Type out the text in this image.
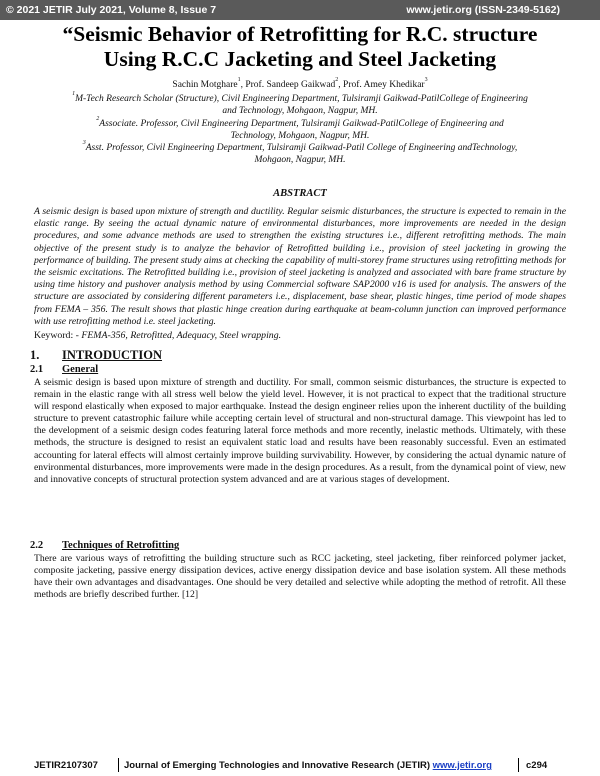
© 2021 JETIR July 2021, Volume 8, Issue 7	www.jetir.org (ISSN-2349-5162)
“Seismic Behavior of Retrofitting for R.C. structure
Using R.C.C Jacketing and Steel Jacketing
Sachin Motghare$^1$, Prof. Sandeep Gaikwad$^2$, Prof. Amey Khedikar$^3$
$^1$M-Tech Research Scholar (Structure), Civil Engineering Department, Tulsiramji Gaikwad-PatilCollege of Engineering
and Technology, Mohgaon, Nagpur, MH.
$^2$Associate. Professor, Civil Engineering Department, Tulsiramji Gaikwad-PatilCollege of Engineering and
Technology, Mohgaon, Nagpur, MH.
$^3$Asst. Professor, Civil Engineering Department, Tulsiramji Gaikwad-Patil College of Engineering andTechnology,
Mohgaon, Nagpur, MH.
ABSTRACT
A seismic design is based upon mixture of strength and ductility. Regular seismic disturbances, the structure is expected to remain in the elastic range. By seeing the actual dynamic nature of environmental disturbances, more improvements are needed in the design procedures, and some advance methods are used to strengthen the existing structures i.e., different retrofitting methods. The main objective of the present study is to analyze the behavior of Retrofitted building i.e., provision of steel jacketing in growing the performance of building. The present study aims at checking the capability of multi-storey frame structures using retrofitting methods for the seismic excitations. The Retrofitted building i.e., provision of steel jacketing is analyzed and associated with bare frame structure by using time history and pushover analysis method by using Commercial software SAP2000 v16 is used for analysis. The answers of the structure are associated by considering different parameters i.e., displacement, base shear, plastic hinges, time period of mode shapes from FEMA – 356. The result shows that plastic hinge creation during earthquake at beam-column junction can improved performance with use retrofitting method i.e. steel jacketing.
Keyword: - FEMA-356, Retrofitted, Adequacy, Steel wrapping.
1. INTRODUCTION
2.1 General
A seismic design is based upon mixture of strength and ductility. For small, common seismic disturbances, the structure is expected to remain in the elastic range with all stress well below the yield level. However, it is not practical to expect that the traditional structure will respond elastically when exposed to major earthquake. Instead the design engineer relies upon the inherent ductility of the building structure to prevent catastrophic failure while accepting certain level of structural and non-structural damage. This viewpoint has led to the development of a seismic design codes featuring lateral force methods and more recently, inelastic methods. Ultimately, with these methods, the structure is designed to resist an equivalent static load and results have been reasonably successful. Even an estimated accounting for lateral effects will almost certainly improve building survivability. However, by considering the actual dynamic nature of environmental disturbances, more improvements were made in the design procedures. As a result, from the dynamical point of view, new and innovative concepts of structural protection system advanced and are at various stages of development.
2.2 Techniques of Retrofitting
There are various ways of retrofitting the building structure such as RCC jacketing, steel jacketing, fiber reinforced polymer jacket, composite jacketing, passive energy dissipation devices, active energy dissipation device and base isolation system. All these methods have their own advantages and disadvantages. One should be very detailed and selective while adopting the method of retrofit. All these methods are briefly described further. [12]
JETIR2107307	Journal of Emerging Technologies and Innovative Research (JETIR) www.jetir.org	c294
